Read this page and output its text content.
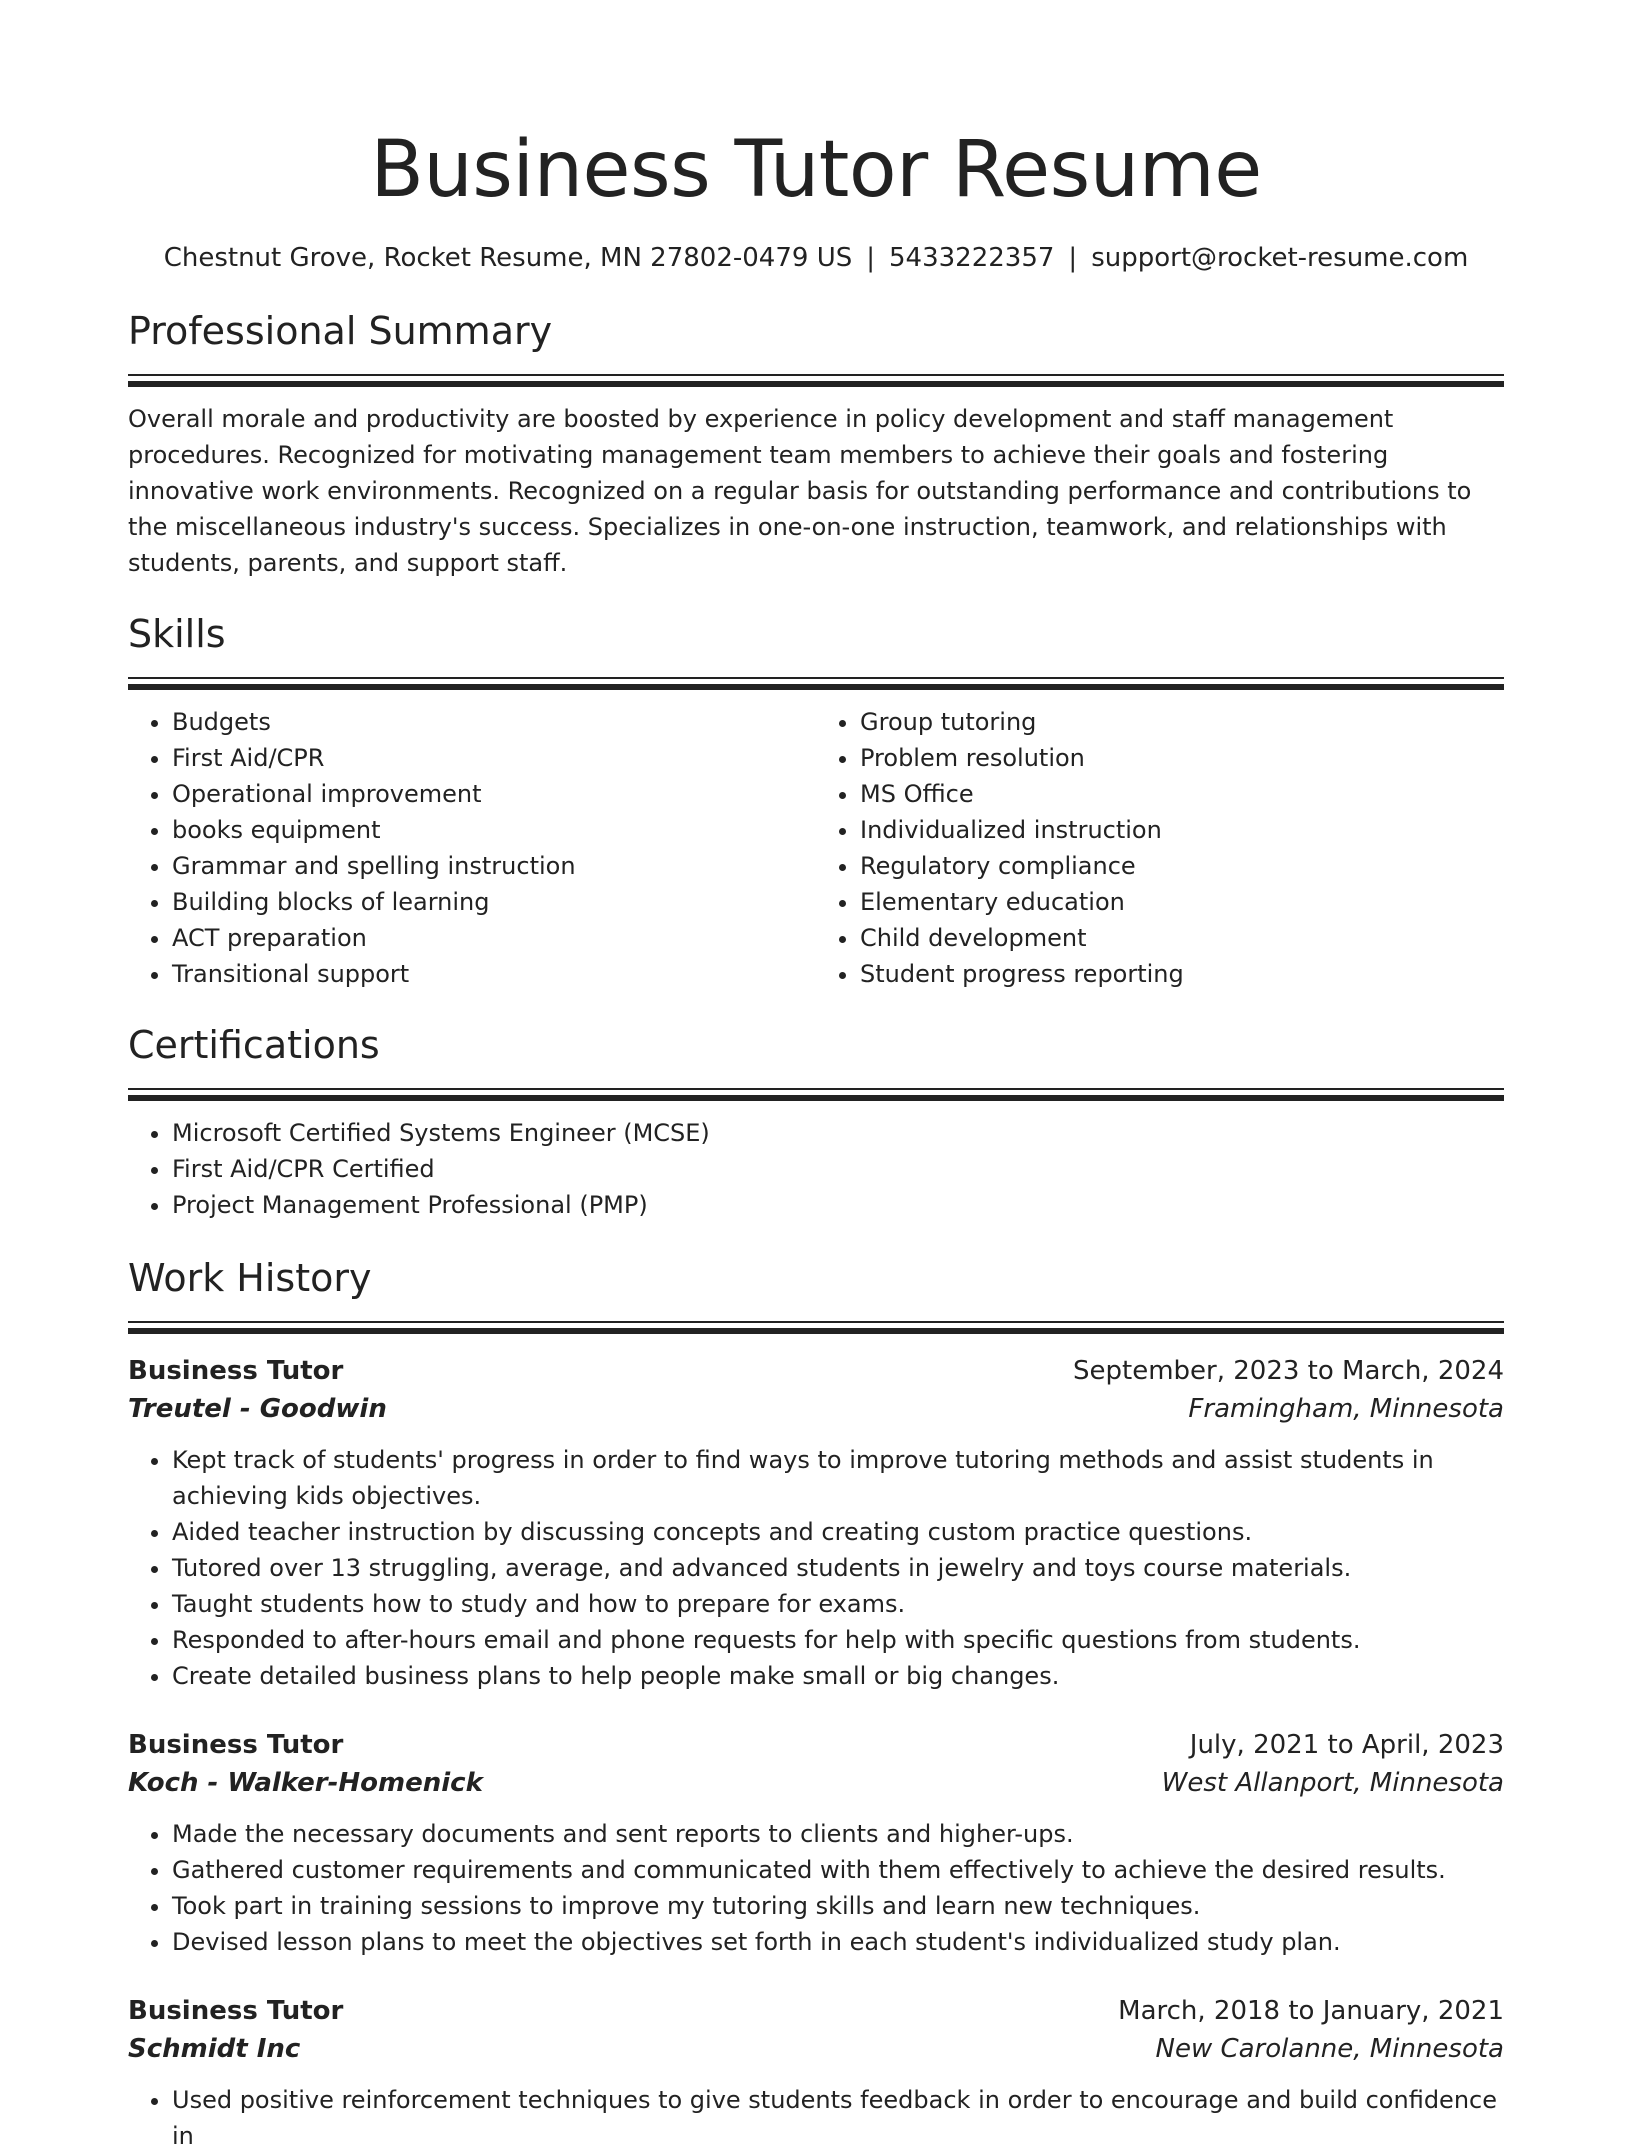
Business Tutor Resume
Chestnut Grove, Rocket Resume, MN 27802-0479 US | 5433222357 | support@rocket-resume.com
Professional Summary
Overall morale and productivity are boosted by experience in policy development and staff management procedures. Recognized for motivating management team members to achieve their goals and fostering innovative work environments. Recognized on a regular basis for outstanding performance and contributions to the miscellaneous industry's success. Specializes in one-on-one instruction, teamwork, and relationships with students, parents, and support staff.
Skills
• Budgets
• First Aid/CPR
• Operational improvement
• books equipment
• Grammar and spelling instruction
• Building blocks of learning
• ACT preparation
• Transitional support
• Group tutoring
• Problem resolution
• MS Office
• Individualized instruction
• Regulatory compliance
• Elementary education
• Child development
• Student progress reporting
Certifications
• Microsoft Certified Systems Engineer (MCSE)
• First Aid/CPR Certified
• Project Management Professional (PMP)
Work History
Business Tutor	September, 2023 to March, 2024
Treutel - Goodwin	Framingham, Minnesota
• Kept track of students' progress in order to find ways to improve tutoring methods and assist students in achieving kids objectives.
• Aided teacher instruction by discussing concepts and creating custom practice questions.
• Tutored over 13 struggling, average, and advanced students in jewelry and toys course materials.
• Taught students how to study and how to prepare for exams.
• Responded to after-hours email and phone requests for help with specific questions from students.
• Create detailed business plans to help people make small or big changes.
Business Tutor	July, 2021 to April, 2023
Koch - Walker-Homenick	West Allanport, Minnesota
• Made the necessary documents and sent reports to clients and higher-ups.
• Gathered customer requirements and communicated with them effectively to achieve the desired results.
• Took part in training sessions to improve my tutoring skills and learn new techniques.
• Devised lesson plans to meet the objectives set forth in each student's individualized study plan.
Business Tutor	March, 2018 to January, 2021
Schmidt Inc	New Carolanne, Minnesota
• Used positive reinforcement techniques to give students feedback in order to encourage and build confidence in
